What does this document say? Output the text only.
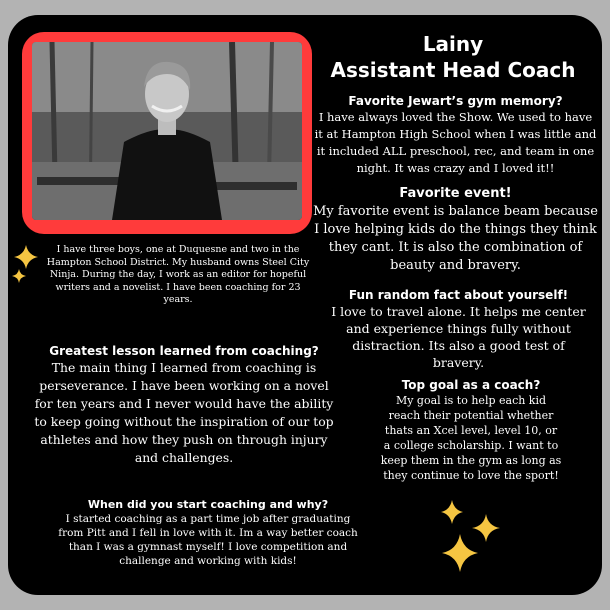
Lainy
Assistant Head Coach
Favorite Jewart’s gym memory?
I have always loved the Show. We used to have it at Hampton High School when I was little and it included ALL preschool, rec, and team in one night. It was crazy and I loved it!!
Favorite event!
My favorite event is balance beam because I love helping kids do the things they think they cant. It is also the combination of beauty and bravery.
Fun random fact about yourself!
I love to travel alone. It helps me center and experience things fully without distraction. Its also a good test of bravery.
Top goal as a coach?
My goal is to help each kid reach their potential whether thats an Xcel level, level 10, or a college scholarship. I want to keep them in the gym as long as they continue to love the sport!
I have three boys, one at Duquesne and two in the Hampton School District. My husband owns Steel City Ninja. During the day, I work as an editor for hopeful writers and a novelist. I have been coaching for 23 years.
Greatest lesson learned from coaching?
The main thing I learned from coaching is perseverance. I have been working on a novel for ten years and I never would have the ability to keep going without the inspiration of our top athletes and how they push on through injury and challenges.
When did you start coaching and why?
I started coaching as a part time job after graduating from Pitt and I fell in love with it. Im a way better coach than I was a gymnast myself! I love competition and challenge and working with kids!
